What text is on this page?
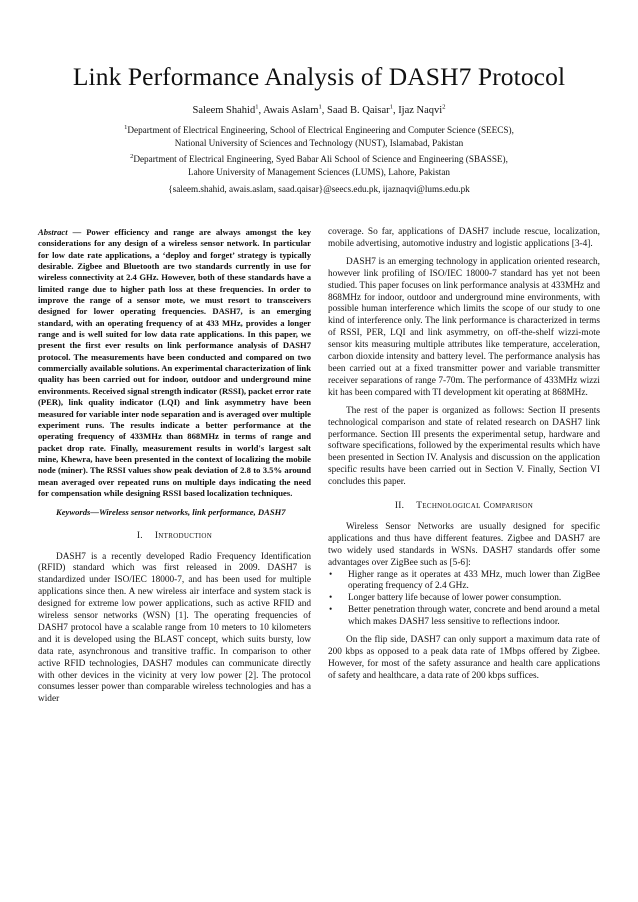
Link Performance Analysis of DASH7 Protocol
Saleem Shahid$^1$, Awais Aslam$^1$, Saad B. Qaisar$^1$, Ijaz Naqvi$^2$
$^1$Department of Electrical Engineering, School of Electrical Engineering and Computer Science (SEECS),
National University of Sciences and Technology (NUST), Islamabad, Pakistan
$^2$Department of Electrical Engineering, Syed Babar Ali School of Science and Engineering (SBASSE),
Lahore University of Management Sciences (LUMS), Lahore, Pakistan
{saleem.shahid, awais.aslam, saad.qaisar}@seecs.edu.pk, ijaznaqvi@lums.edu.pk

Abstract — Power efficiency and range are always amongst the key considerations for any design of a wireless sensor network. In particular for low date rate applications, a ‘deploy and forget’ strategy is typically desirable. Zigbee and Bluetooth are two standards currently in use for wireless connectivity at 2.4 GHz. However, both of these standards have a limited range due to higher path loss at these frequencies. In order to improve the range of a sensor mote, we must resort to transceivers designed for lower operating frequencies. DASH7, is an emerging standard, with an operating frequency of at 433 MHz, provides a longer range and is well suited for low data rate applications. In this paper, we present the first ever results on link performance analysis of DASH7 protocol. The measurements have been conducted and compared on two commercially available solutions. An experimental characterization of link quality has been carried out for indoor, outdoor and underground mine environments. Received signal strength indicator (RSSI), packet error rate (PER), link quality indicator (LQI) and link asymmetry have been measured for variable inter node separation and is averaged over multiple experiment runs. The results indicate a better performance at the operating frequency of 433MHz than 868MHz in terms of range and packet drop rate. Finally, measurement results in world's largest salt mine, Khewra, have been presented in the context of localizing the mobile node (miner). The RSSI values show peak deviation of 2.8 to 3.5% around mean averaged over repeated runs on multiple days indicating the need for compensation while designing RSSI based localization techniques.

Keywords—Wireless sensor networks, link performance, DASH7

I. Introduction

DASH7 is a recently developed Radio Frequency Identification (RFID) standard which was first released in 2009. DASH7 is standardized under ISO/IEC 18000-7, and has been used for multiple applications since then. A new wireless air interface and system stack is designed for extreme low power applications, such as active RFID and wireless sensor networks (WSN) [1]. The operating frequencies of DASH7 protocol have a scalable range from 10 meters to 10 kilometers and it is developed using the BLAST concept, which suits bursty, low data rate, asynchronous and transitive traffic. In comparison to other active RFID technologies, DASH7 modules can communicate directly with other devices in the vicinity at very low power [2]. The protocol consumes lesser power than comparable wireless technologies and has a wider

coverage. So far, applications of DASH7 include rescue, localization, mobile advertising, automotive industry and logistic applications [3-4].

DASH7 is an emerging technology in application oriented research, however link profiling of ISO/IEC 18000-7 standard has yet not been studied. This paper focuses on link performance analysis at 433MHz and 868MHz for indoor, outdoor and underground mine environments, with possible human interference which limits the scope of our study to one kind of interference only. The link performance is characterized in terms of RSSI, PER, LQI and link asymmetry, on off-the-shelf wizzi-mote sensor kits measuring multiple attributes like temperature, acceleration, carbon dioxide intensity and battery level. The performance analysis has been carried out at a fixed transmitter power and variable transmitter receiver separations of range 7-70m. The performance of 433MHz wizzi kit has been compared with TI development kit operating at 868MHz.

The rest of the paper is organized as follows: Section II presents technological comparison and state of related research on DASH7 link performance. Section III presents the experimental setup, hardware and software specifications, followed by the experimental results which have been presented in Section IV. Analysis and discussion on the application specific results have been carried out in Section V. Finally, Section VI concludes this paper.

II. Technological Comparison

Wireless Sensor Networks are usually designed for specific applications and thus have different features. Zigbee and DASH7 are two widely used standards in WSNs. DASH7 standards offer some advantages over ZigBee such as [5-6]:

• Higher range as it operates at 433 MHz, much lower than ZigBee operating frequency of 2.4 GHz.
• Longer battery life because of lower power consumption.
• Better penetration through water, concrete and bend around a metal which makes DASH7 less sensitive to reflections indoor.

On the flip side, DASH7 can only support a maximum data rate of 200 kbps as opposed to a peak data rate of 1Mbps offered by Zigbee. However, for most of the safety assurance and health care applications of safety and healthcare, a data rate of 200 kbps suffices.
